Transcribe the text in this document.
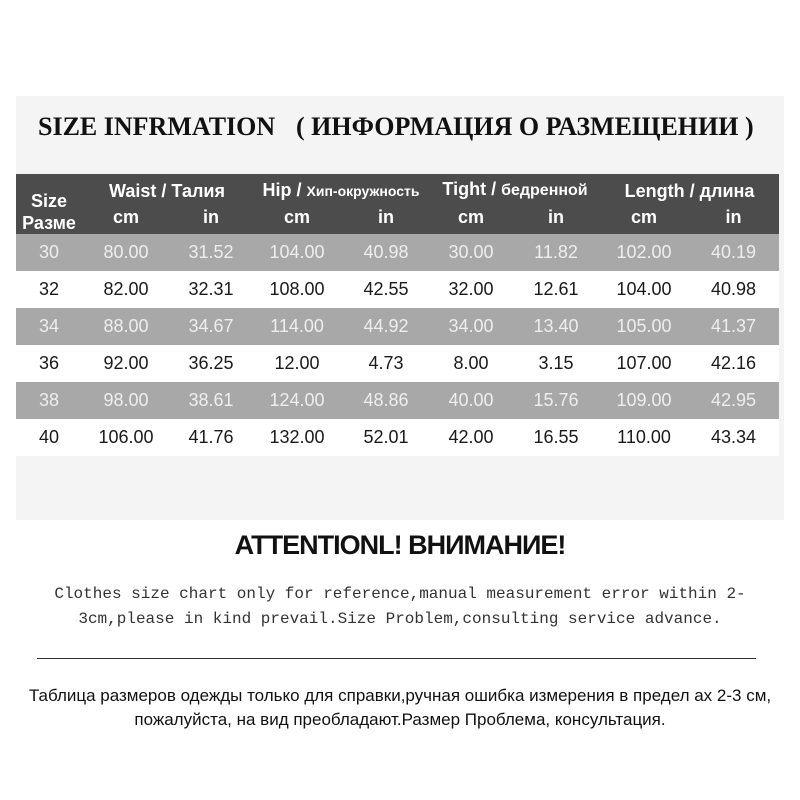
SIZE INFRMATION ( ИНФОРМАЦИЯ О РАЗМЕЩЕНИИ )
Size
Разме	Waist / Талия		Hip / Хип-окружность		Tight / бедренной		Length / длина	
	cm	in	cm	in	cm	in	cm	in
30	80.00	31.52	104.00	40.98	30.00	11.82	102.00	40.19
32	82.00	32.31	108.00	42.55	32.00	12.61	104.00	40.98
34	88.00	34.67	114.00	44.92	34.00	13.40	105.00	41.37
36	92.00	36.25	12.00	4.73	8.00	3.15	107.00	42.16
38	98.00	38.61	124.00	48.86	40.00	15.76	109.00	42.95
40	106.00	41.76	132.00	52.01	42.00	16.55	110.00	43.34
ATTENTIONL! ВНИМАНИЕ!
Clothes size chart only for reference,manual measurement error within 2-3cm,please in kind prevail.Size Problem,consulting service advance.
Таблица размеров одежды только для справки,ручная ошибка измерения в предел ах 2-3 см, пожалуйста, на вид преобладают.Размер Проблема, консультация.
